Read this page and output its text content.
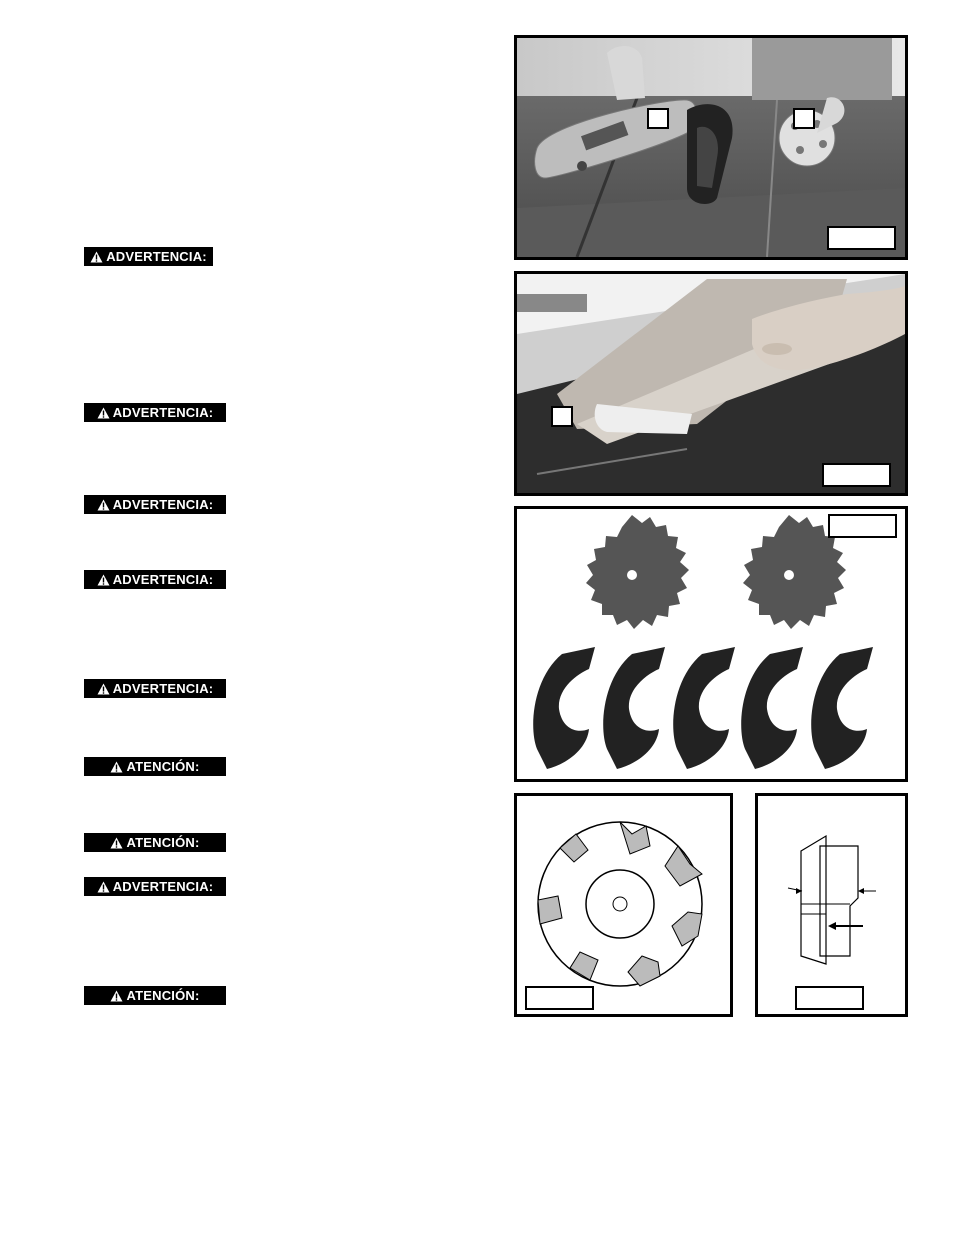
ADVERTENCIA:
ADVERTENCIA:
ADVERTENCIA:
ADVERTENCIA:
ADVERTENCIA:
ATENCIÓN:
ATENCIÓN:
ADVERTENCIA:
ATENCIÓN:
